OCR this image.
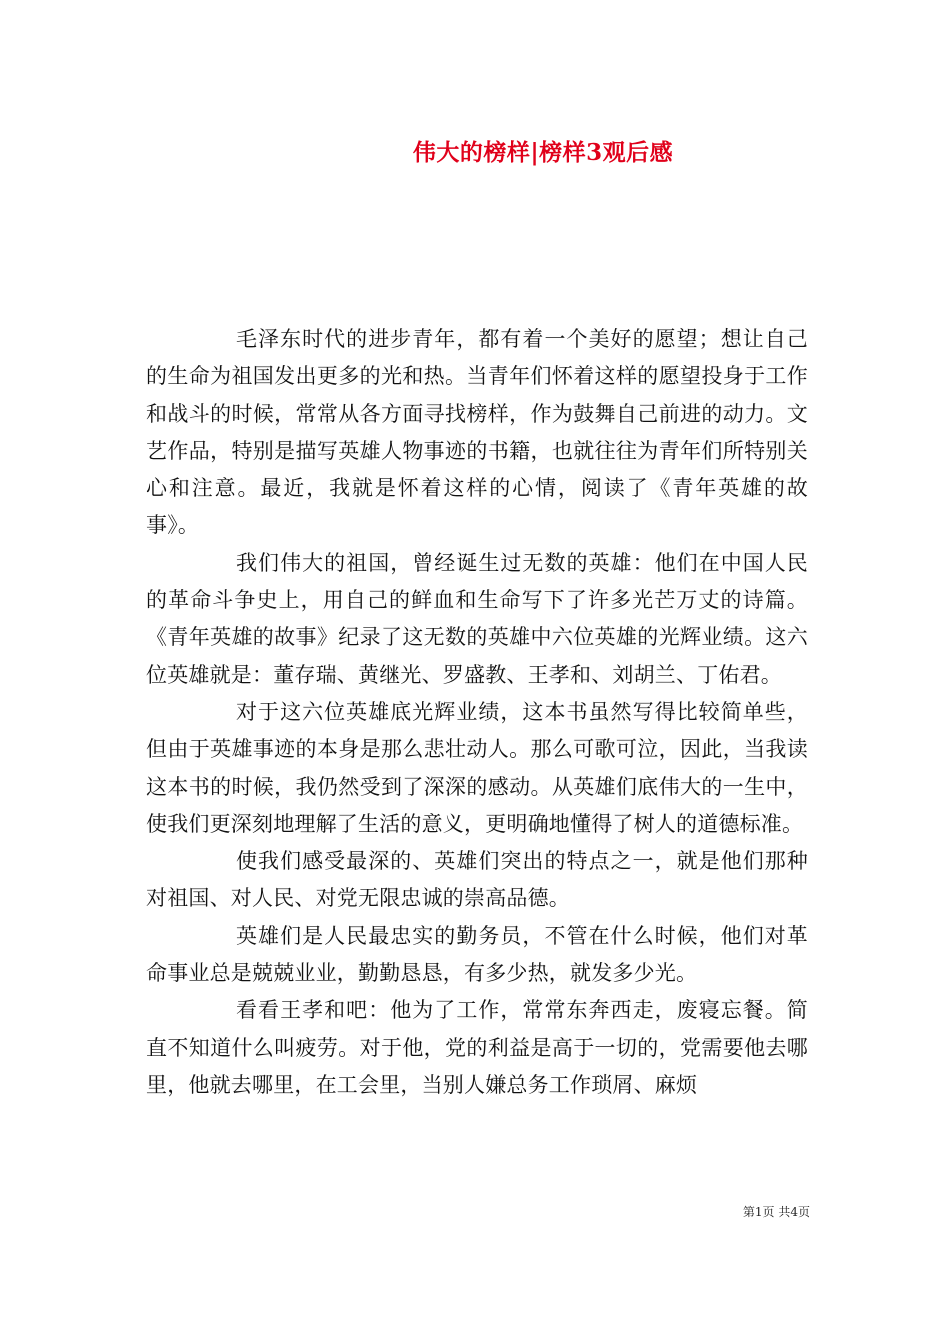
伟大的榜样|榜样3观后感

毛泽东时代的进步青年，都有着一个美好的愿望；想让自己的生命为祖国发出更多的光和热。当青年们怀着这样的愿望投身于工作和战斗的时候，常常从各方面寻找榜样，作为鼓舞自己前进的动力。文艺作品，特别是描写英雄人物事迹的书籍，也就往往为青年们所特别关心和注意。最近，我就是怀着这样的心情，阅读了《青年英雄的故事》。

我们伟大的祖国，曾经诞生过无数的英雄：他们在中国人民的革命斗争史上，用自己的鲜血和生命写下了许多光芒万丈的诗篇。《青年英雄的故事》纪录了这无数的英雄中六位英雄的光辉业绩。这六位英雄就是：董存瑞、黄继光、罗盛教、王孝和、刘胡兰、丁佑君。

对于这六位英雄底光辉业绩，这本书虽然写得比较简单些，但由于英雄事迹的本身是那么悲壮动人。那么可歌可泣，因此，当我读这本书的时候，我仍然受到了深深的感动。从英雄们底伟大的一生中，使我们更深刻地理解了生活的意义，更明确地懂得了树人的道德标准。

使我们感受最深的、英雄们突出的特点之一，就是他们那种对祖国、对人民、对党无限忠诚的崇高品德。

英雄们是人民最忠实的勤务员，不管在什么时候，他们对革命事业总是兢兢业业，勤勤恳恳，有多少热，就发多少光。

看看王孝和吧：他为了工作，常常东奔西走，废寝忘餐。简直不知道什么叫疲劳。对于他，党的利益是高于一切的，党需要他去哪里，他就去哪里，在工会里，当别人嫌总务工作琐屑、麻烦

第1页 共4页
